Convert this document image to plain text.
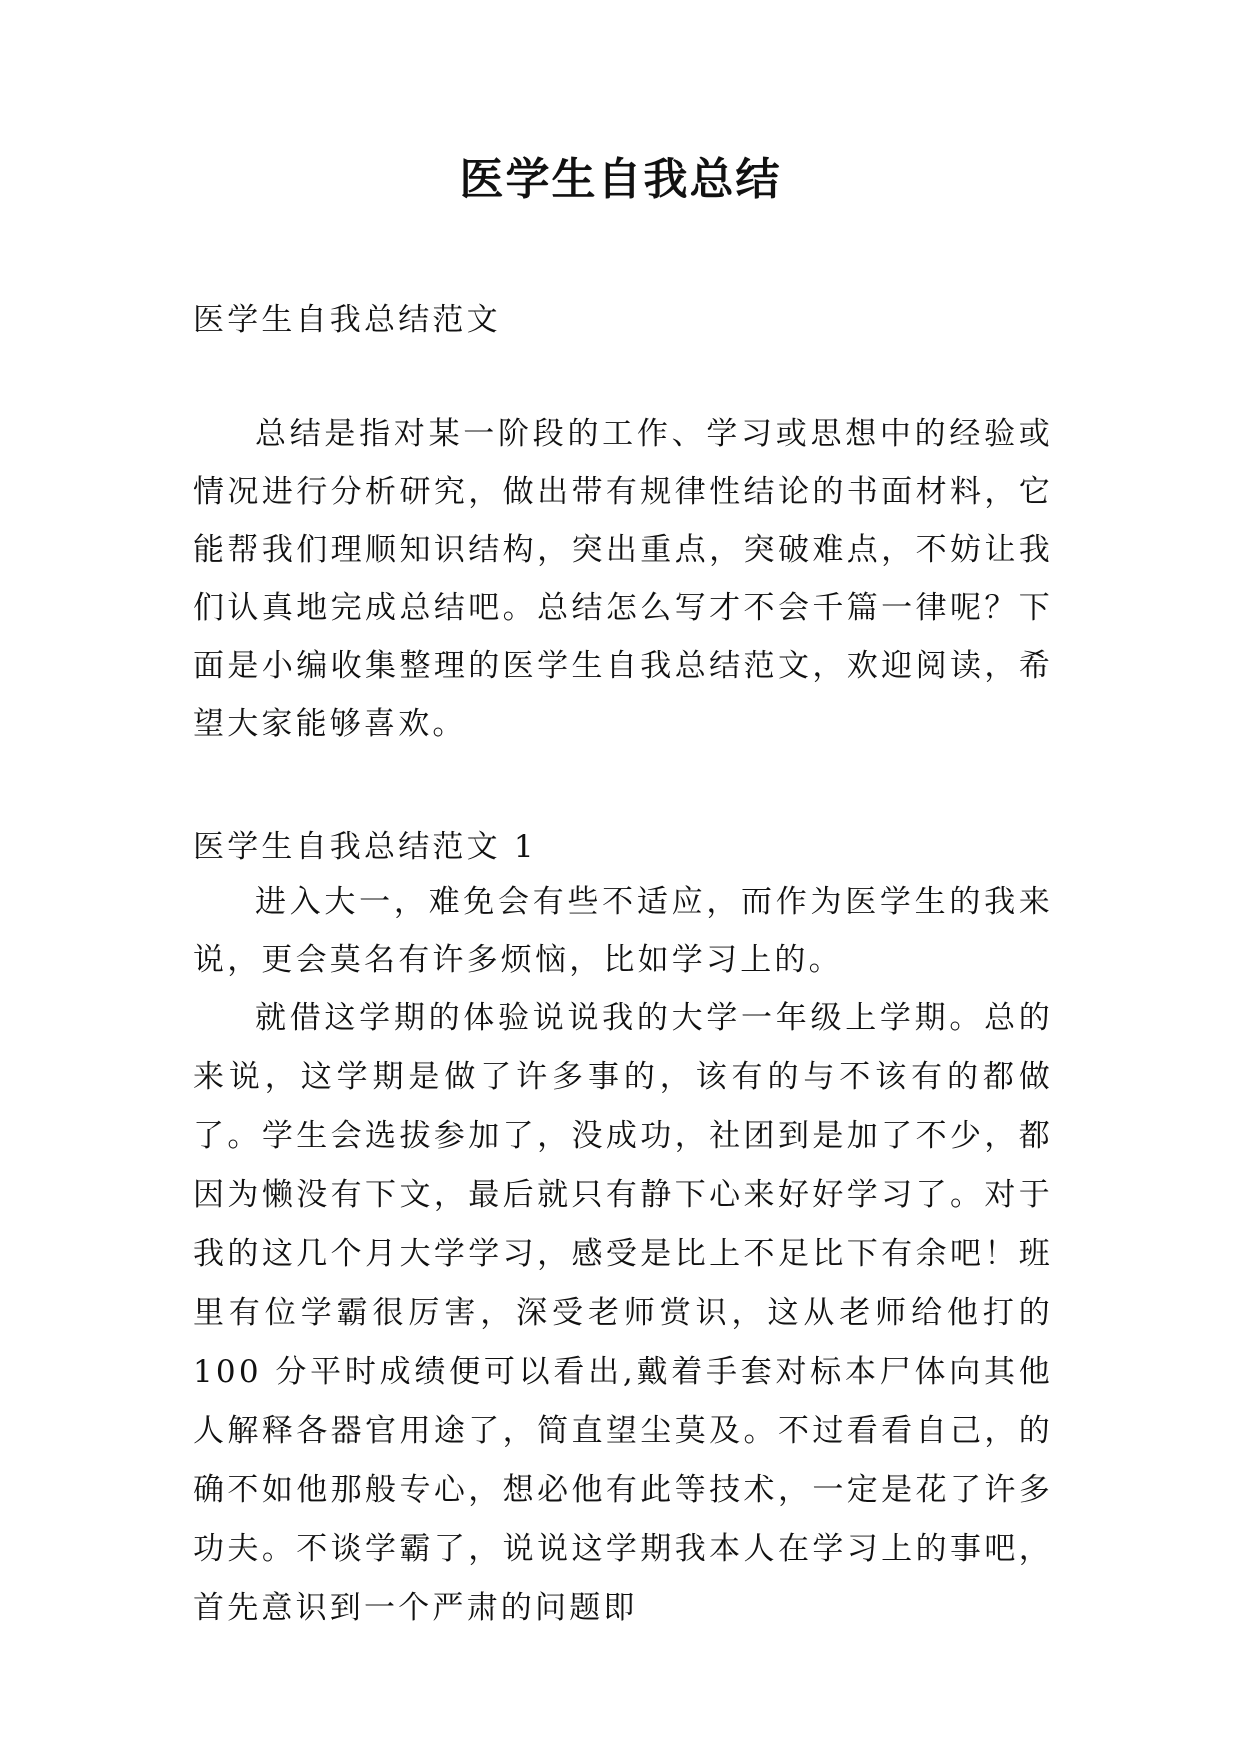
医学生自我总结

医学生自我总结范文

总结是指对某一阶段的工作、学习或思想中的经验或情况进行分析研究，做出带有规律性结论的书面材料，它能帮我们理顺知识结构，突出重点，突破难点，不妨让我们认真地完成总结吧。总结怎么写才不会千篇一律呢？下面是小编收集整理的医学生自我总结范文，欢迎阅读，希望大家能够喜欢。

医学生自我总结范文 1

进入大一，难免会有些不适应，而作为医学生的我来说，更会莫名有许多烦恼，比如学习上的。

就借这学期的体验说说我的大学一年级上学期。总的来说，这学期是做了许多事的，该有的与不该有的都做了。学生会选拔参加了，没成功，社团到是加了不少，都因为懒没有下文，最后就只有静下心来好好学习了。对于我的这几个月大学学习，感受是比上不足比下有余吧！班里有位学霸很厉害，深受老师赏识，这从老师给他打的 100 分平时成绩便可以看出,戴着手套对标本尸体向其他人解释各器官用途了，简直望尘莫及。不过看看自己，的确不如他那般专心，想必他有此等技术，一定是花了许多功夫。不谈学霸了，说说这学期我本人在学习上的事吧，首先意识到一个严肃的问题即
